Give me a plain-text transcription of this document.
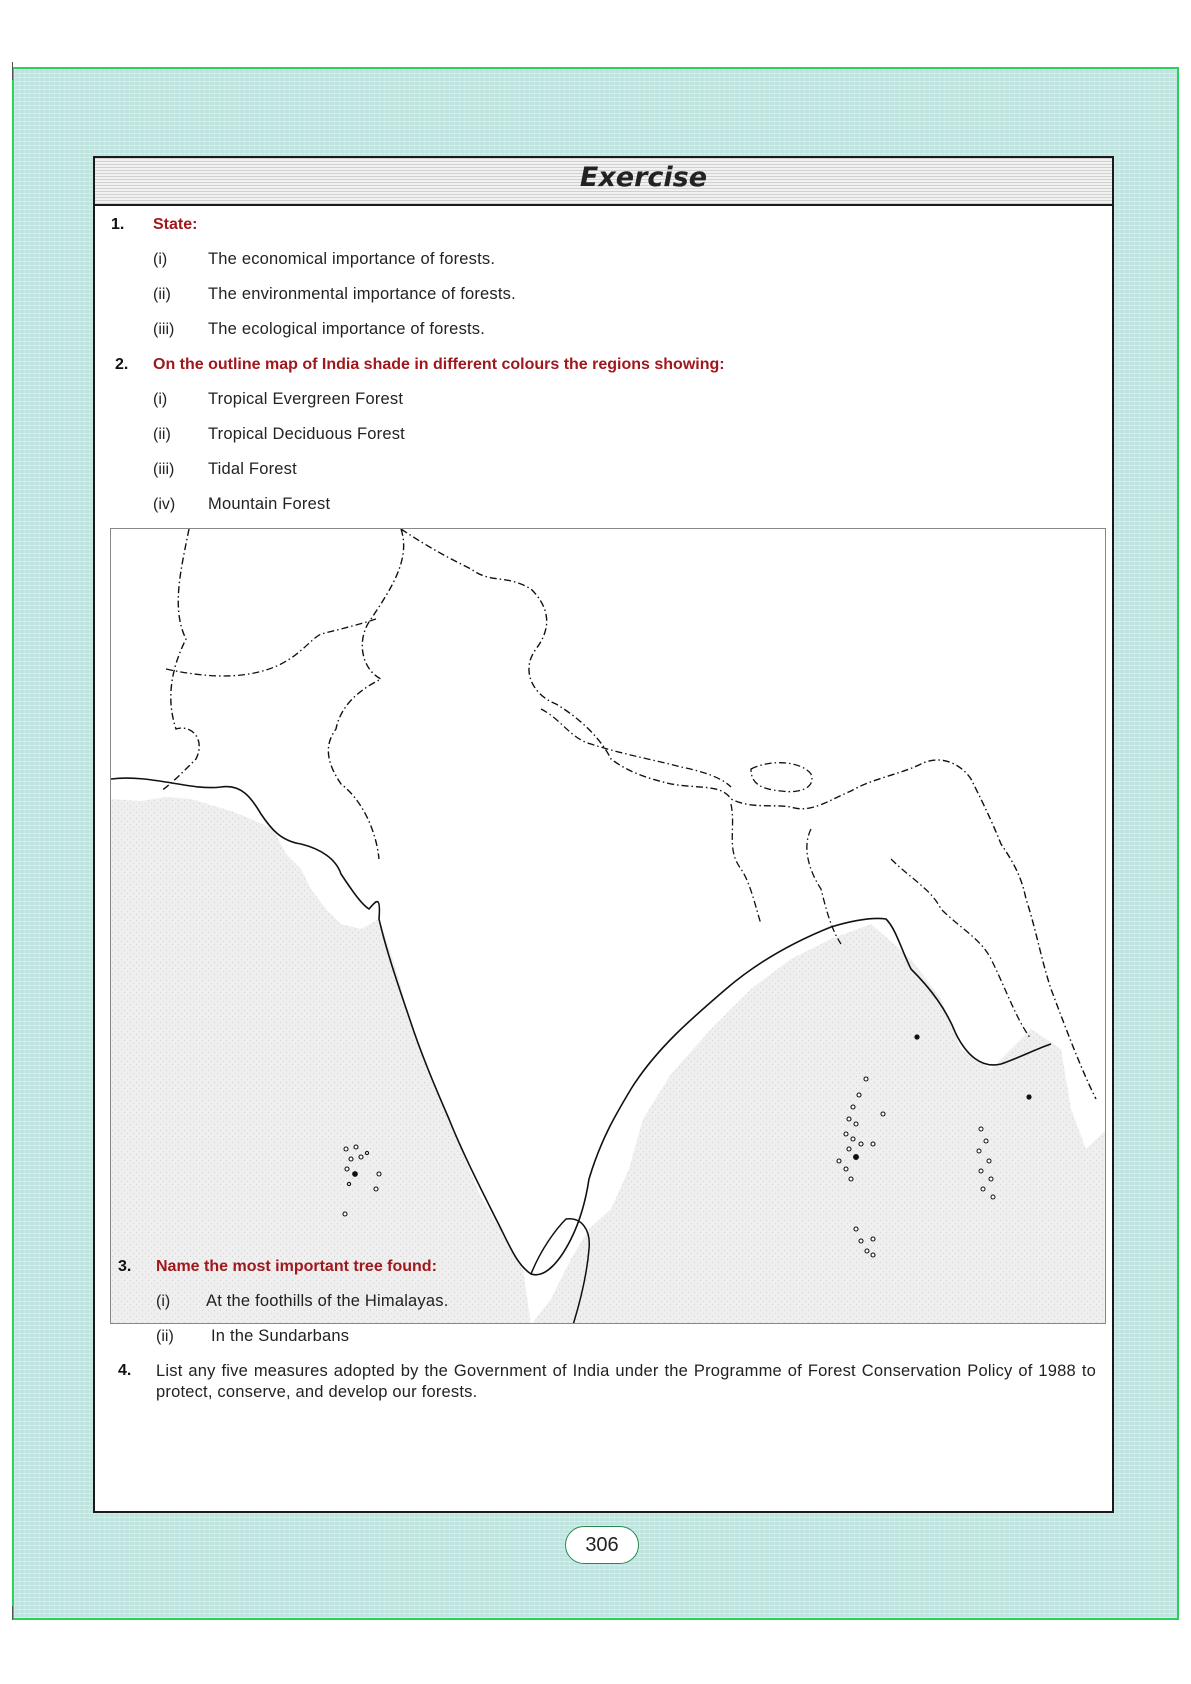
Exercise
1. State:
(i) The economical importance of forests.
(ii) The environmental importance of forests.
(iii) The ecological importance of forests.
2. On the outline map of India shade in different colours the regions showing:
(i) Tropical Evergreen Forest
(ii) Tropical Deciduous Forest
(iii) Tidal Forest
(iv) Mountain Forest
3. Name the most important tree found:
(i) At the foothills of the Himalayas.
(ii) In the Sundarbans
4. List any five measures adopted by the Government of India under the Programme of Forest Conservation Policy of 1988 to protect, conserve, and develop our forests.
306
